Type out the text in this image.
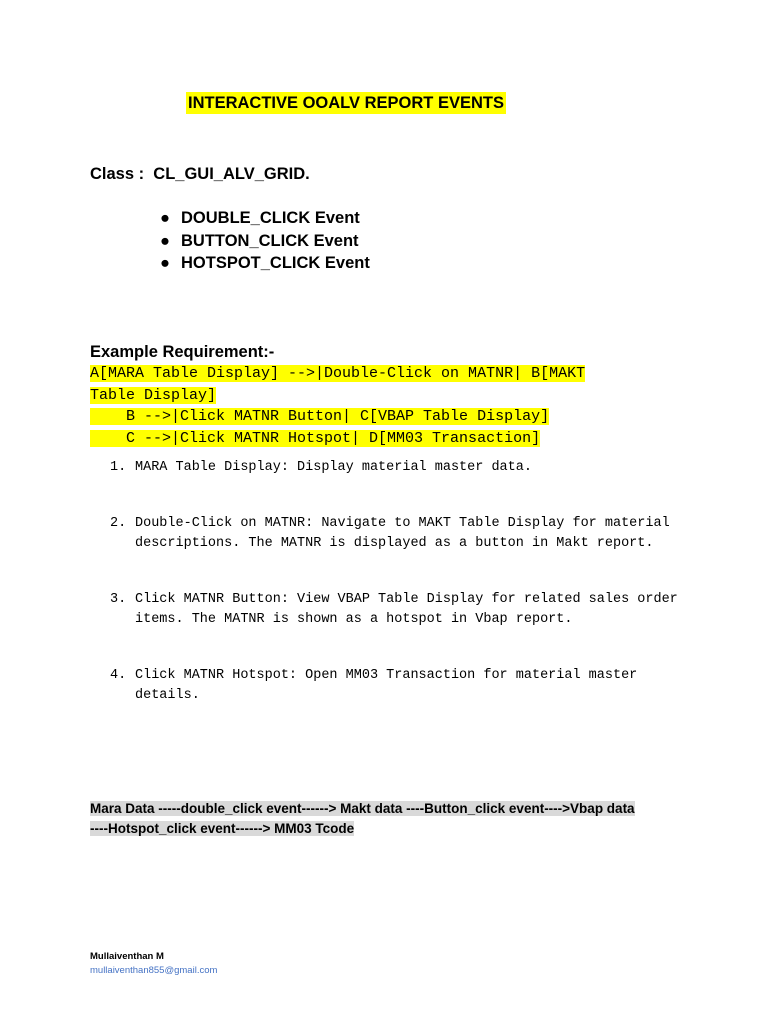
INTERACTIVE OOALV REPORT EVENTS
Class : CL_GUI_ALV_GRID.
● DOUBLE_CLICK Event
● BUTTON_CLICK Event
● HOTSPOT_CLICK Event
Example Requirement:-
A[MARA Table Display] -->|Double-Click on MATNR| B[MAKT
Table Display]
B -->|Click MATNR Button| C[VBAP Table Display]
C -->|Click MATNR Hotspot| D[MM03 Transaction]
1. MARA Table Display: Display material master data.
2. Double-Click on MATNR: Navigate to MAKT Table Display for material descriptions. The MATNR is displayed as a button in Makt report.
3. Click MATNR Button: View VBAP Table Display for related sales order items. The MATNR is shown as a hotspot in Vbap report.
4. Click MATNR Hotspot: Open MM03 Transaction for material master details.
Mara Data -----double_click event------> Makt data ----Button_click event---->Vbap data
----Hotspot_click event------> MM03 Tcode
Mullaiventhan M
mullaiventhan855@gmail.com
